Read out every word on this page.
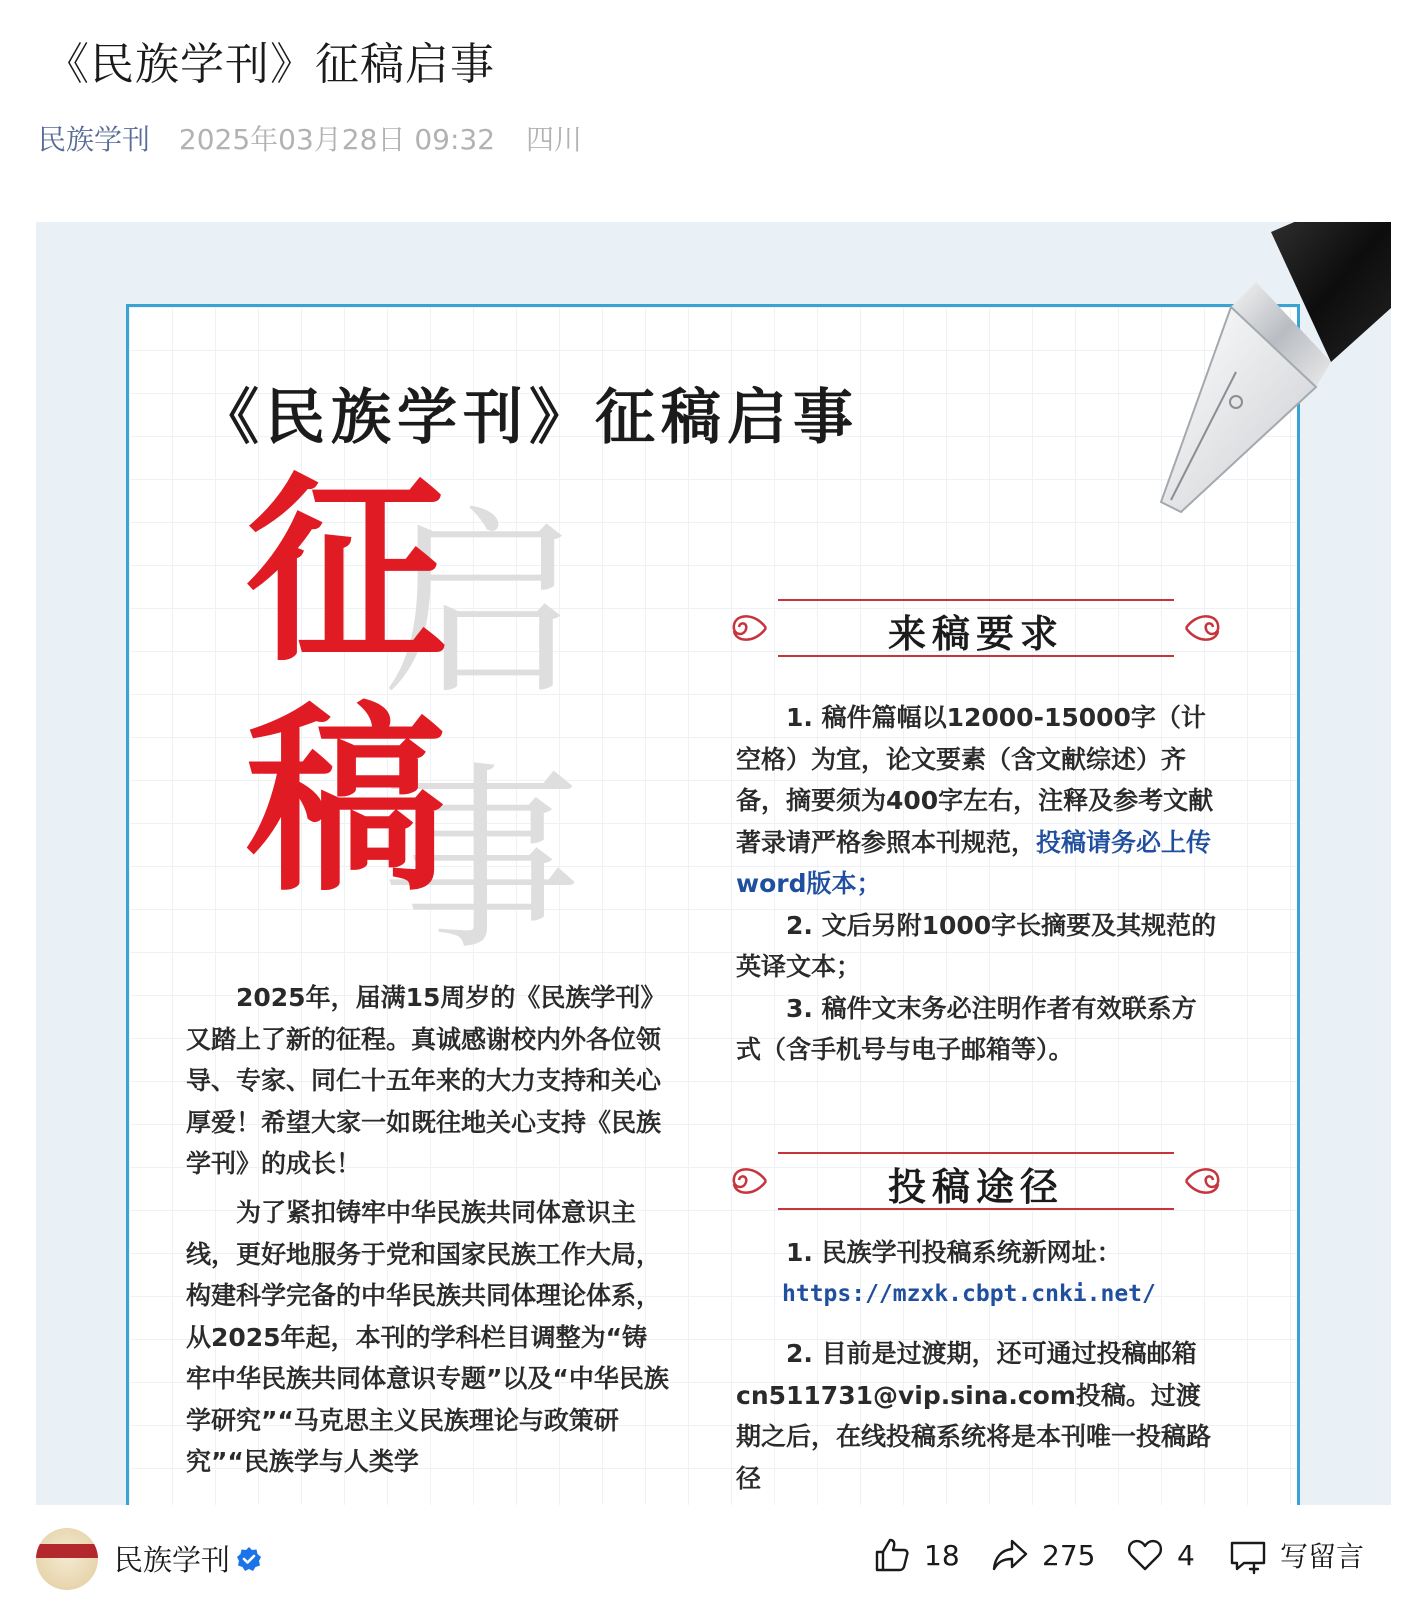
《民族学刊》征稿启事
民族学刊 2025年03月28日 09:32 四川
《民族学刊》征稿启事
启
事
征
稿

2025年，届满15周岁的《民族学刊》又踏上了新的征程。真诚感谢校内外各位领导、专家、同仁十五年来的大力支持和关心厚爱！希望大家一如既往地关心支持《民族学刊》的成长！

为了紧扣铸牢中华民族共同体意识主线，更好地服务于党和国家民族工作大局，构建科学完备的中华民族共同体理论体系，从2025年起，本刊的学科栏目调整为“铸牢中华民族共同体意识专题”以及“中华民族学研究”“马克思主义民族理论与政策研究”“民族学与人类学

来稿要求

1. 稿件篇幅以12000-15000字（计空格）为宜，论文要素（含文献综述）齐备，摘要须为400字左右，注释及参考文献著录请严格参照本刊规范，投稿请务必上传word版本；

2. 文后另附1000字长摘要及其规范的英译文本；

3. 稿件文末务必注明作者有效联系方式（含手机号与电子邮箱等）。

投稿途径

1. 民族学刊投稿系统新网址：

https://mzxk.cbpt.cnki.net/

2. 目前是过渡期，还可通过投稿邮箱cn511731@vip.sina.com投稿。过渡期之后，在线投稿系统将是本刊唯一投稿路径

民族学刊	18	275	4	写留言
